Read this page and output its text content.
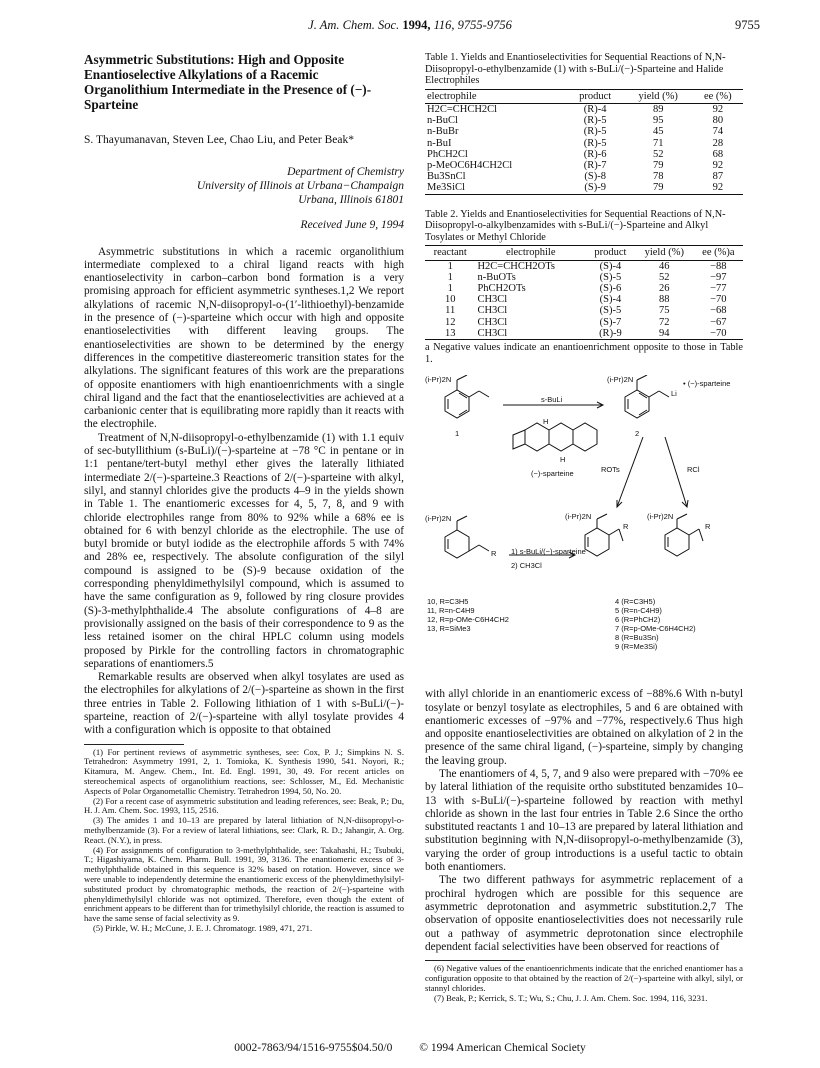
J. Am. Chem. Soc. 1994, 116, 9755-9756	9755
Asymmetric Substitutions: High and Opposite Enantioselective Alkylations of a Racemic Organolithium Intermediate in the Presence of (−)-Sparteine
S. Thayumanavan, Steven Lee, Chao Liu, and Peter Beak*
Department of Chemistry
University of Illinois at Urbana−Champaign
Urbana, Illinois 61801
Received June 9, 1994

Asymmetric substitutions in which a racemic organolithium intermediate complexed to a chiral ligand reacts with high enantioselectivity in carbon–carbon bond formation is a very promising approach for efficient asymmetric syntheses.1,2 We report alkylations of racemic N,N-diisopropyl-o-(1′-lithioethyl)-benzamide in the presence of (−)-sparteine which occur with high and opposite enantioselectivities with different leaving groups. The enantioselectivities are shown to be determined by the energy differences in the competitive diastereomeric transition states for the alkylations. The significant features of this work are the preparations of opposite enantiomers with high enantioenrichments with a single chiral ligand and the fact that the enantioselectivities are achieved at a carbanionic center that is equilibrating more rapidly than it reacts with the electrophile.

Treatment of N,N-diisopropyl-o-ethylbenzamide (1) with 1.1 equiv of sec-butyllithium (s-BuLi)/(−)-sparteine at −78 °C in pentane or in 1:1 pentane/tert-butyl methyl ether gives the laterally lithiated intermediate 2/(−)-sparteine.3 Reactions of 2/(−)-sparteine with alkyl, silyl, and stannyl chlorides give the products 4–9 in the yields shown in Table 1. The enantiomeric excesses for 4, 5, 7, 8, and 9 with chloride electrophiles range from 80% to 92% while a 68% ee is obtained for 6 with benzyl chloride as the electrophile. The use of butyl bromide or butyl iodide as the electrophile affords 5 with 74% and 28% ee, respectively. The absolute configuration of the silyl compound is assigned to be (S)-9 because oxidation of the corresponding phenyldimethylsilyl compound, which is assumed to have the same configuration as 9, followed by ring closure provides (S)-3-methylphthalide.4 The absolute configurations of 4–8 are provisionally assigned on the basis of their correspondence to 9 as the less retained isomer on the chiral HPLC column using models proposed by Pirkle for the controlling factors in chromatographic separations of enantiomers.5

Remarkable results are observed when alkyl tosylates are used as the electrophiles for alkylations of 2/(−)-sparteine as shown in the first three entries in Table 2. Following lithiation of 1 with s-BuLi/(−)-sparteine, reaction of 2/(−)-sparteine with allyl tosylate provides 4 with a configuration which is opposite to that obtained

(1) For pertinent reviews of asymmetric syntheses, see: Cox, P. J.; Simpkins N. S. Tetrahedron: Asymmetry 1991, 2, 1. Tomioka, K. Synthesis 1990, 541. Noyori, R.; Kitamura, M. Angew. Chem., Int. Ed. Engl. 1991, 30, 49. For recent articles on stereochemical aspects of organolithium reactions, see: Schlosser, M., Ed. Mechanistic Aspects of Polar Organometallic Chemistry. Tetrahedron 1994, 50, No. 20.
(2) For a recent case of asymmetric substitution and leading references, see: Beak, P.; Du, H. J. Am. Chem. Soc. 1993, 115, 2516.
(3) The amides 1 and 10–13 are prepared by lateral lithiation of N,N-diisopropyl-o-methylbenzamide (3). For a review of lateral lithiations, see: Clark, R. D.; Jahangir, A. Org. React. (N.Y.), in press.
(4) For assignments of configuration to 3-methylphthalide, see: Takahashi, H.; Tsubuki, T.; Higashiyama, K. Chem. Pharm. Bull. 1991, 39, 3136. The enantiomeric excess of 3-methylphthalide obtained in this sequence is 32% based on rotation. However, since we were unable to independently determine the enantiomeric excess of the phenyldimethylsilyl-substituted product by chromatographic methods, the reaction of 2/(−)-sparteine with phenyldimethylsilyl chloride was not optimized. Therefore, even though the extent of enrichment appears to be different than for trimethylsilyl chloride, the reaction is assumed to have the same sense of facial selectivity as 9.
(5) Pirkle, W. H.; McCune, J. E. J. Chromatogr. 1989, 471, 271.
Table 1. Yields and Enantioselectivities for Sequential Reactions of N,N-Diisopropyl-o-ethylbenzamide (1) with s-BuLi/(−)-Sparteine and Halide Electrophiles
electrophile	product	yield (%)	ee (%)
H2C=CHCH2Cl	(R)-4	89	92
n-BuCl	(R)-5	95	80
n-BuBr	(R)-5	45	74
n-BuI	(R)-5	71	28
PhCH2Cl	(R)-6	52	68
p-MeOC6H4CH2Cl	(R)-7	79	92
Bu3SnCl	(S)-8	78	87
Me3SiCl	(S)-9	79	92
Table 2. Yields and Enantioselectivities for Sequential Reactions of N,N-Diisopropyl-o-alkylbenzamides with s-BuLi/(−)-Sparteine and Alkyl Tosylates or Methyl Chloride
reactant	electrophile	product	yield (%)	ee (%)a
1	H2C=CHCH2OTs	(S)-4	46	−88
1	n-BuOTs	(S)-5	52	−97
1	PhCH2OTs	(S)-6	26	−77
10	CH3Cl	(S)-4	88	−70
11	CH3Cl	(S)-5	75	−68
12	CH3Cl	(S)-7	72	−67
13	CH3Cl	(R)-9	94	−70
a Negative values indicate an enantioenrichment opposite to those in Table 1.
(i-Pr)2N
1
s-BuLi
H
H
(−)-sparteine
(i-Pr)2N
Li
• (−)-sparteine
2
ROTs	RCl
(i-Pr)2N
R 1) s-BuLi/(−)-sparteine
2) CH3Cl
(i-Pr)2N
R
(i-Pr)2N
R
10, R=C3H5
11, R=n-C4H9
12, R=p-OMe-C6H4CH2
13, R=SiMe3
4 (R=C3H5)
5 (R=n-C4H9)
6 (R=PhCH2)
7 (R=p-OMe-C6H4CH2)
8 (R=Bu3Sn)
9 (R=Me3Si)

with allyl chloride in an enantiomeric excess of −88%.6 With n-butyl tosylate or benzyl tosylate as electrophiles, 5 and 6 are obtained with enantiomeric excesses of −97% and −77%, respectively.6 Thus high and opposite enantioselectivities are obtained on alkylation of 2 in the presence of the same chiral ligand, (−)-sparteine, simply by changing the leaving group.

The enantiomers of 4, 5, 7, and 9 also were prepared with −70% ee by lateral lithiation of the requisite ortho substituted benzamides 10–13 with s-BuLi/(−)-sparteine followed by reaction with methyl chloride as shown in the last four entries in Table 2.6 Since the ortho substituted reactants 1 and 10–13 are prepared by lateral lithiation and substitution beginning with N,N-diisopropyl-o-methylbenzamide (3), varying the order of group introductions is a useful tactic to obtain both enantiomers.

The two different pathways for asymmetric replacement of a prochiral hydrogen which are possible for this sequence are asymmetric deprotonation and asymmetric substitution.2,7 The observation of opposite enantioselectivities does not necessarily rule out a pathway of asymmetric deprotonation since electrophile dependent facial selectivities have been observed for reactions of

(6) Negative values of the enantioenrichments indicate that the enriched enantiomer has a configuration opposite to that obtained by the reaction of 2/(−)-sparteine with alkyl, silyl, or stannyl chlorides.
(7) Beak, P.; Kerrick, S. T.; Wu, S.; Chu, J. J. Am. Chem. Soc. 1994, 116, 3231.
0002-7863/94/1516-9755$04.50/0 © 1994 American Chemical Society
